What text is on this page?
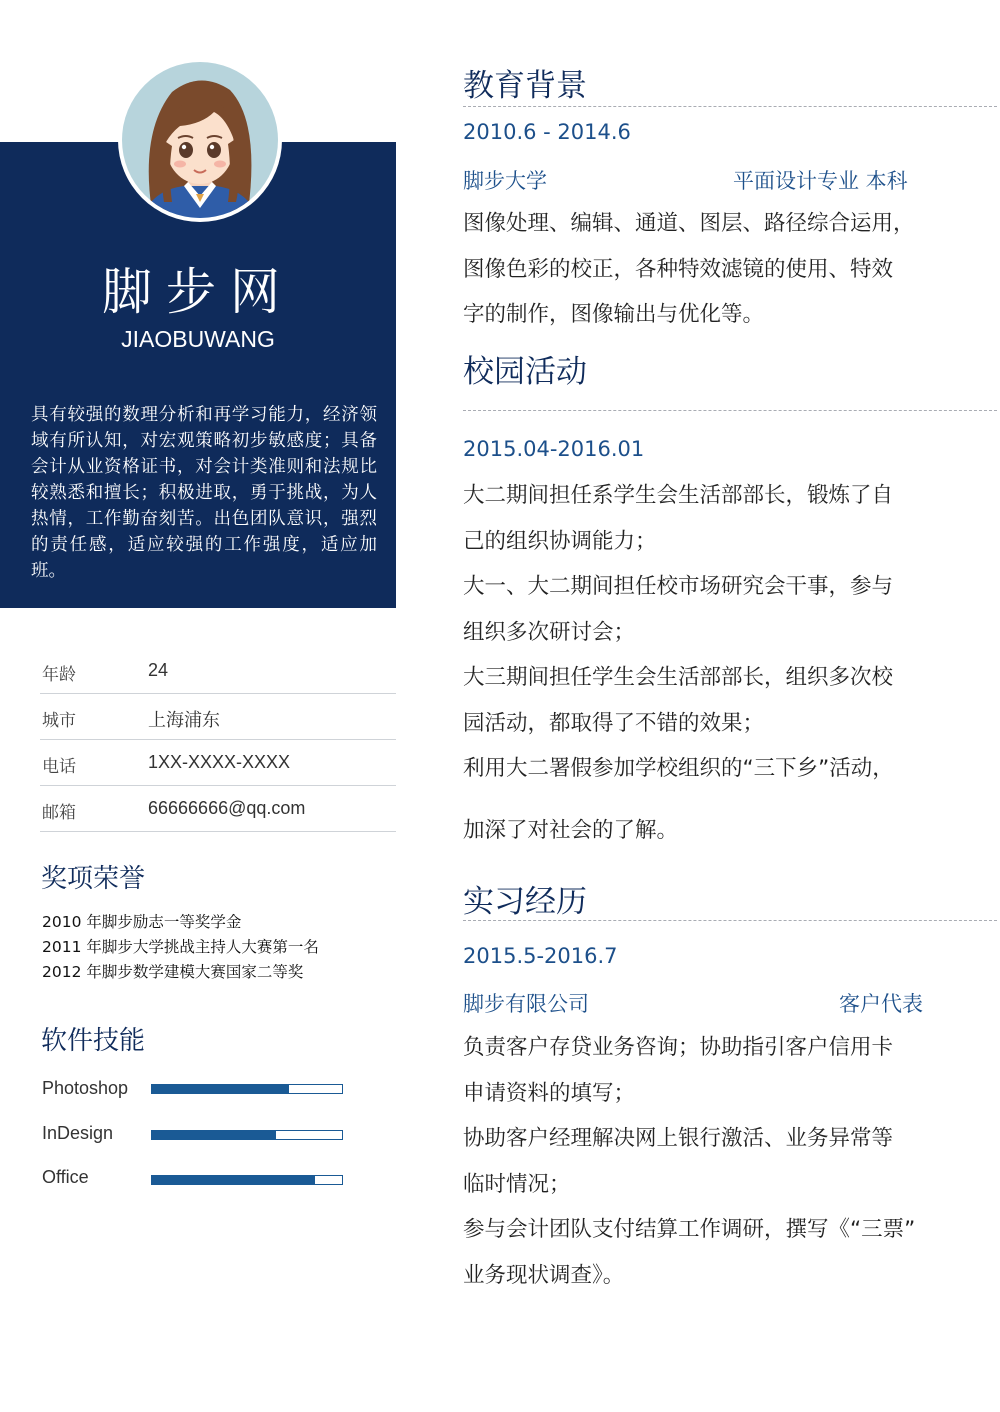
脚步网
JIAOBUWANG
具有较强的数理分析和再学习能力，经济领域有所认知，对宏观策略初步敏感度；具备会计从业资格证书，对会计类准则和法规比较熟悉和擅长；积极进取，勇于挑战，为人热情，工作勤奋刻苦。出色团队意识，强烈的责任感，适应较强的工作强度，适应加班。
年龄	24
城市	上海浦东
电话	1XX-XXXX-XXXX
邮箱	66666666@qq.com
奖项荣誉
2010 年脚步励志一等奖学金
2011 年脚步大学挑战主持人大赛第一名
2012 年脚步数学建模大赛国家二等奖
软件技能
Photoshop
InDesign
Office
教育背景
2010.6 - 2014.6
脚步大学	平面设计专业 本科
图像处理、编辑、通道、图层、路径综合运用，
图像色彩的校正，各种特效滤镜的使用、特效
字的制作，图像输出与优化等。
校园活动
2015.04-2016.01
大二期间担任系学生会生活部部长，锻炼了自
己的组织协调能力；
大一、大二期间担任校市场研究会干事，参与
组织多次研讨会；
大三期间担任学生会生活部部长，组织多次校
园活动，都取得了不错的效果；
利用大二署假参加学校组织的“三下乡”活动，
加深了对社会的了解。
实习经历
2015.5-2016.7
脚步有限公司	客户代表
负责客户存贷业务咨询；协助指引客户信用卡
申请资料的填写；
协助客户经理解决网上银行激活、业务异常等
临时情况；
参与会计团队支付结算工作调研，撰写《“三票”
业务现状调查》。
